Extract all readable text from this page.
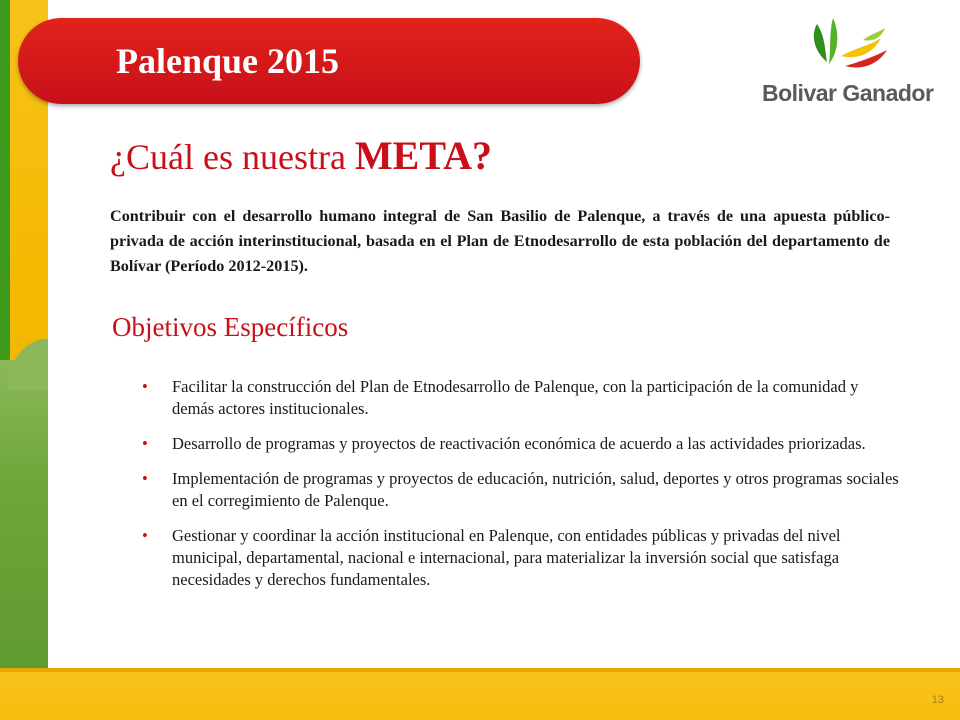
13
Palenque 2015
Bolivar Ganador
¿Cuál es nuestra META?
Contribuir con el desarrollo humano integral de San Basilio de Palenque, a través de una apuesta público-privada de acción interinstitucional, basada en el Plan de Etnodesarrollo de esta población del departamento de Bolívar (Período 2012-2015).
Objetivos Específicos
• Facilitar la construcción del Plan de Etnodesarrollo de Palenque, con la participación de la comunidad y demás actores institucionales.
• Desarrollo de programas y proyectos de reactivación económica de acuerdo a las actividades priorizadas.
• Implementación de programas y proyectos de educación, nutrición, salud, deportes y otros programas sociales en el corregimiento de Palenque.
• Gestionar y coordinar la acción institucional en Palenque, con entidades públicas y privadas del nivel municipal, departamental, nacional e internacional, para materializar la inversión social que satisfaga necesidades y derechos fundamentales.
